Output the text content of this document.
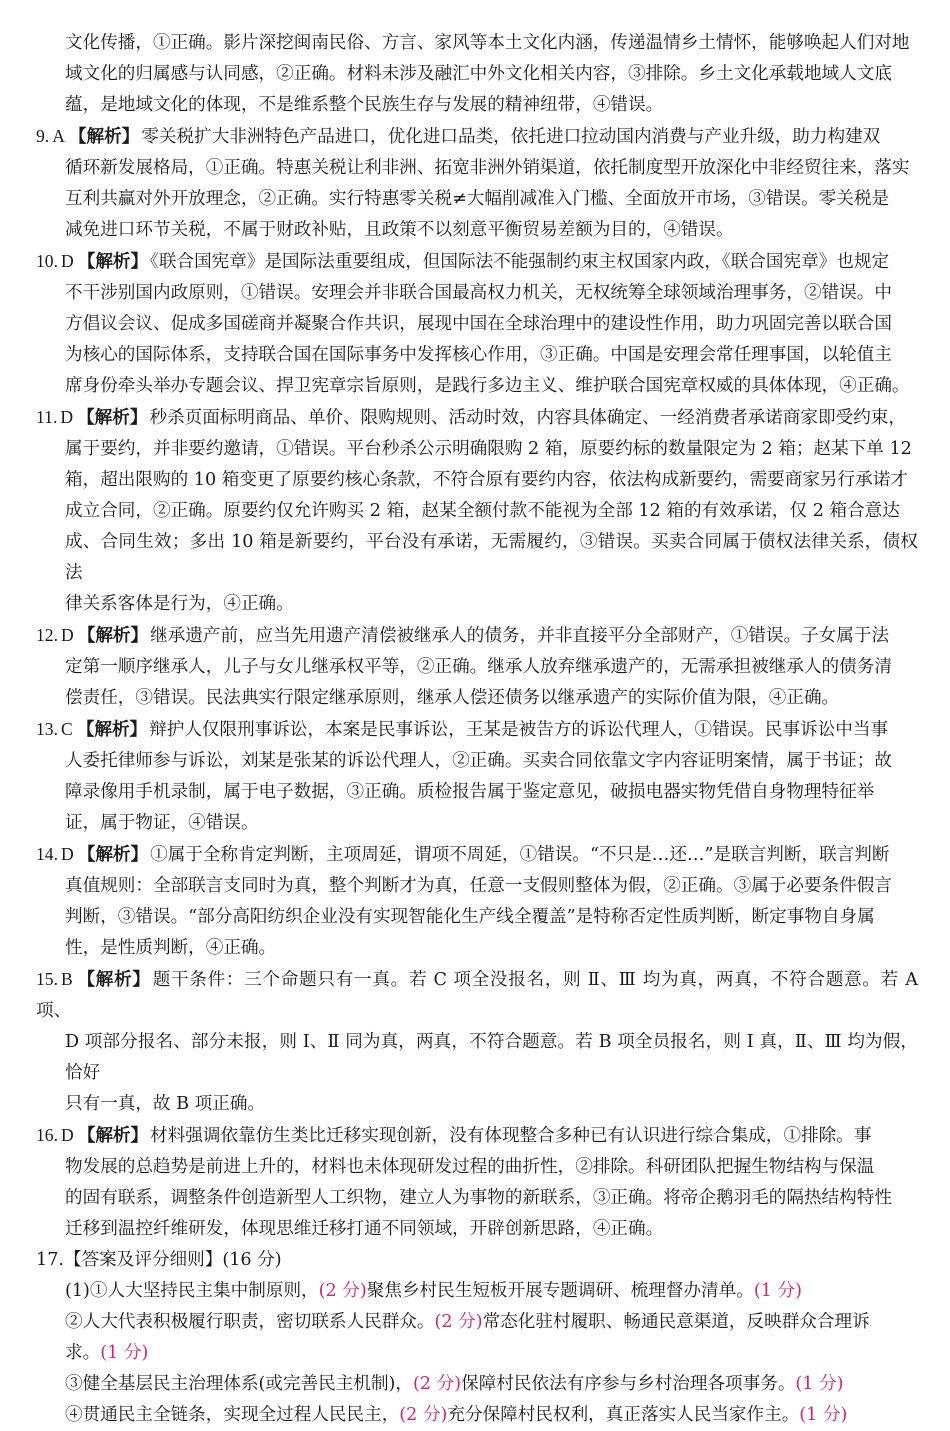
文化传播，①正确。影片深挖闽南民俗、方言、家风等本土文化内涵，传递温情乡土情怀，能够唤起人们对地

域文化的归属感与认同感，②正确。材料未涉及融汇中外文化相关内容，③排除。乡土文化承载地域人文底

蕴，是地域文化的体现，不是维系整个民族生存与发展的精神纽带，④错误。

9. A 【解析】 零关税扩大非洲特色产品进口，优化进口品类，依托进口拉动国内消费与产业升级，助力构建双

循环新发展格局，①正确。特惠关税让利非洲、拓宽非洲外销渠道，依托制度型开放深化中非经贸往来，落实

互利共赢对外开放理念，②正确。实行特惠零关税≠大幅削减准入门槛、全面放开市场，③错误。零关税是

减免进口环节关税，不属于财政补贴，且政策不以刻意平衡贸易差额为目的，④错误。

10. D 【解析】 《联合国宪章》是国际法重要组成，但国际法不能强制约束主权国家内政，《联合国宪章》也规定

不干涉别国内政原则，①错误。安理会并非联合国最高权力机关，无权统筹全球领域治理事务，②错误。中

方倡议会议、促成多国磋商并凝聚合作共识，展现中国在全球治理中的建设性作用，助力巩固完善以联合国

为核心的国际体系，支持联合国在国际事务中发挥核心作用，③正确。中国是安理会常任理事国，以轮值主

席身份牵头举办专题会议、捍卫宪章宗旨原则，是践行多边主义、维护联合国宪章权威的具体体现，④正确。

11. D 【解析】 秒杀页面标明商品、单价、限购规则、活动时效，内容具体确定、一经消费者承诺商家即受约束，

属于要约，并非要约邀请，①错误。平台秒杀公示明确限购 2 箱，原要约标的数量限定为 2 箱；赵某下单 12

箱，超出限购的 10 箱变更了原要约核心条款，不符合原有要约内容，依法构成新要约，需要商家另行承诺才

成立合同，②正确。原要约仅允许购买 2 箱，赵某全额付款不能视为全部 12 箱的有效承诺，仅 2 箱合意达

成、合同生效；多出 10 箱是新要约，平台没有承诺，无需履约，③错误。买卖合同属于债权法律关系，债权法

律关系客体是行为，④正确。

12. D 【解析】 继承遗产前，应当先用遗产清偿被继承人的债务，并非直接平分全部财产，①错误。子女属于法

定第一顺序继承人，儿子与女儿继承权平等，②正确。继承人放弃继承遗产的，无需承担被继承人的债务清

偿责任，③错误。民法典实行限定继承原则，继承人偿还债务以继承遗产的实际价值为限，④正确。

13. C 【解析】 辩护人仅限刑事诉讼，本案是民事诉讼，王某是被告方的诉讼代理人，①错误。民事诉讼中当事

人委托律师参与诉讼，刘某是张某的诉讼代理人，②正确。买卖合同依靠文字内容证明案情，属于书证；故

障录像用手机录制，属于电子数据，③正确。质检报告属于鉴定意见，破损电器实物凭借自身物理特征举

证，属于物证，④错误。

14. D 【解析】 ①属于全称肯定判断，主项周延，谓项不周延，①错误。“不只是…还…”是联言判断，联言判断

真值规则：全部联言支同时为真，整个判断才为真，任意一支假则整体为假，②正确。③属于必要条件假言

判断，③错误。“部分高阳纺织企业没有实现智能化生产线全覆盖”是特称否定性质判断，断定事物自身属

性，是性质判断，④正确。

15. B 【解析】 题干条件：三个命题只有一真。若 C 项全没报名，则 Ⅱ、Ⅲ 均为真，两真，不符合题意。若 A 项、

D 项部分报名、部分未报，则 Ⅰ、Ⅱ 同为真，两真，不符合题意。若 B 项全员报名，则 Ⅰ 真，Ⅱ、Ⅲ 均为假，恰好

只有一真，故 B 项正确。

16. D 【解析】 材料强调依靠仿生类比迁移实现创新，没有体现整合多种已有认识进行综合集成，①排除。事

物发展的总趋势是前进上升的，材料也未体现研发过程的曲折性，②排除。科研团队把握生物结构与保温

的固有联系，调整条件创造新型人工织物，建立人为事物的新联系，③正确。将帝企鹅羽毛的隔热结构特性

迁移到温控纤维研发，体现思维迁移打通不同领域，开辟创新思路，④正确。

17.【答案及评分细则】(16 分)

(1)①人大坚持民主集中制原则，(2 分)聚焦乡村民生短板开展专题调研、梳理督办清单。(1 分)

②人大代表积极履行职责，密切联系人民群众。(2 分)常态化驻村履职、畅通民意渠道，反映群众合理诉

求。(1 分)

③健全基层民主治理体系(或完善民主机制)，(2 分)保障村民依法有序参与乡村治理各项事务。(1 分)

④贯通民主全链条，实现全过程人民民主，(2 分)充分保障村民权利，真正落实人民当家作主。(1 分)
